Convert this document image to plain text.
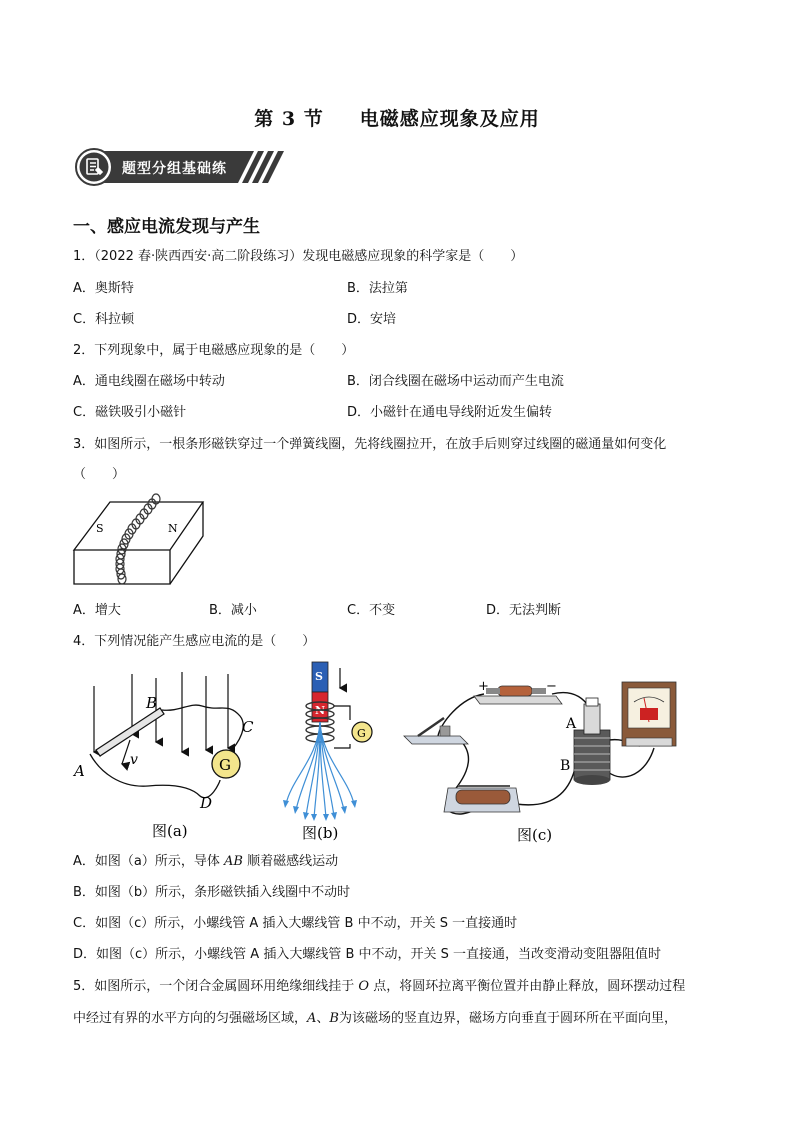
第 3 节 电磁感应现象及应用
题型分组基础练
一、感应电流发现与产生
1．（2022 春·陕西西安·高二阶段练习）发现电磁感应现象的科学家是（　　）
A．奥斯特	B．法拉第
C．科拉顿	D．安培
2．下列现象中，属于电磁感应现象的是（　　）
A．通电线圈在磁场中转动	B．闭合线圈在磁场中运动而产生电流
C．磁铁吸引小磁针	D．小磁针在通电导线附近发生偏转
3．如图所示，一根条形磁铁穿过一个弹簧线圈，先将线圈拉开，在放手后则穿过线圈的磁通量如何变化
（　　）
S	N
A．增大	B．减小	C．不变	D．无法判断
4．下列情况能产生感应电流的是（　　）
G
B
C
A
D
v
图(a)
S
N
G
图(b)
+	−
A
B
图(c)
A．如图（a）所示，导体 AB 顺着磁感线运动
B．如图（b）所示，条形磁铁插入线圈中不动时
C．如图（c）所示，小螺线管 A 插入大螺线管 B 中不动，开关 S 一直接通时
D．如图（c）所示，小螺线管 A 插入大螺线管 B 中不动，开关 S 一直接通，当改变滑动变阻器阻值时
5．如图所示，一个闭合金属圆环用绝缘细线挂于 O 点，将圆环拉离平衡位置并由静止释放，圆环摆动过程
中经过有界的水平方向的匀强磁场区域，A、B为该磁场的竖直边界，磁场方向垂直于圆环所在平面向里，
